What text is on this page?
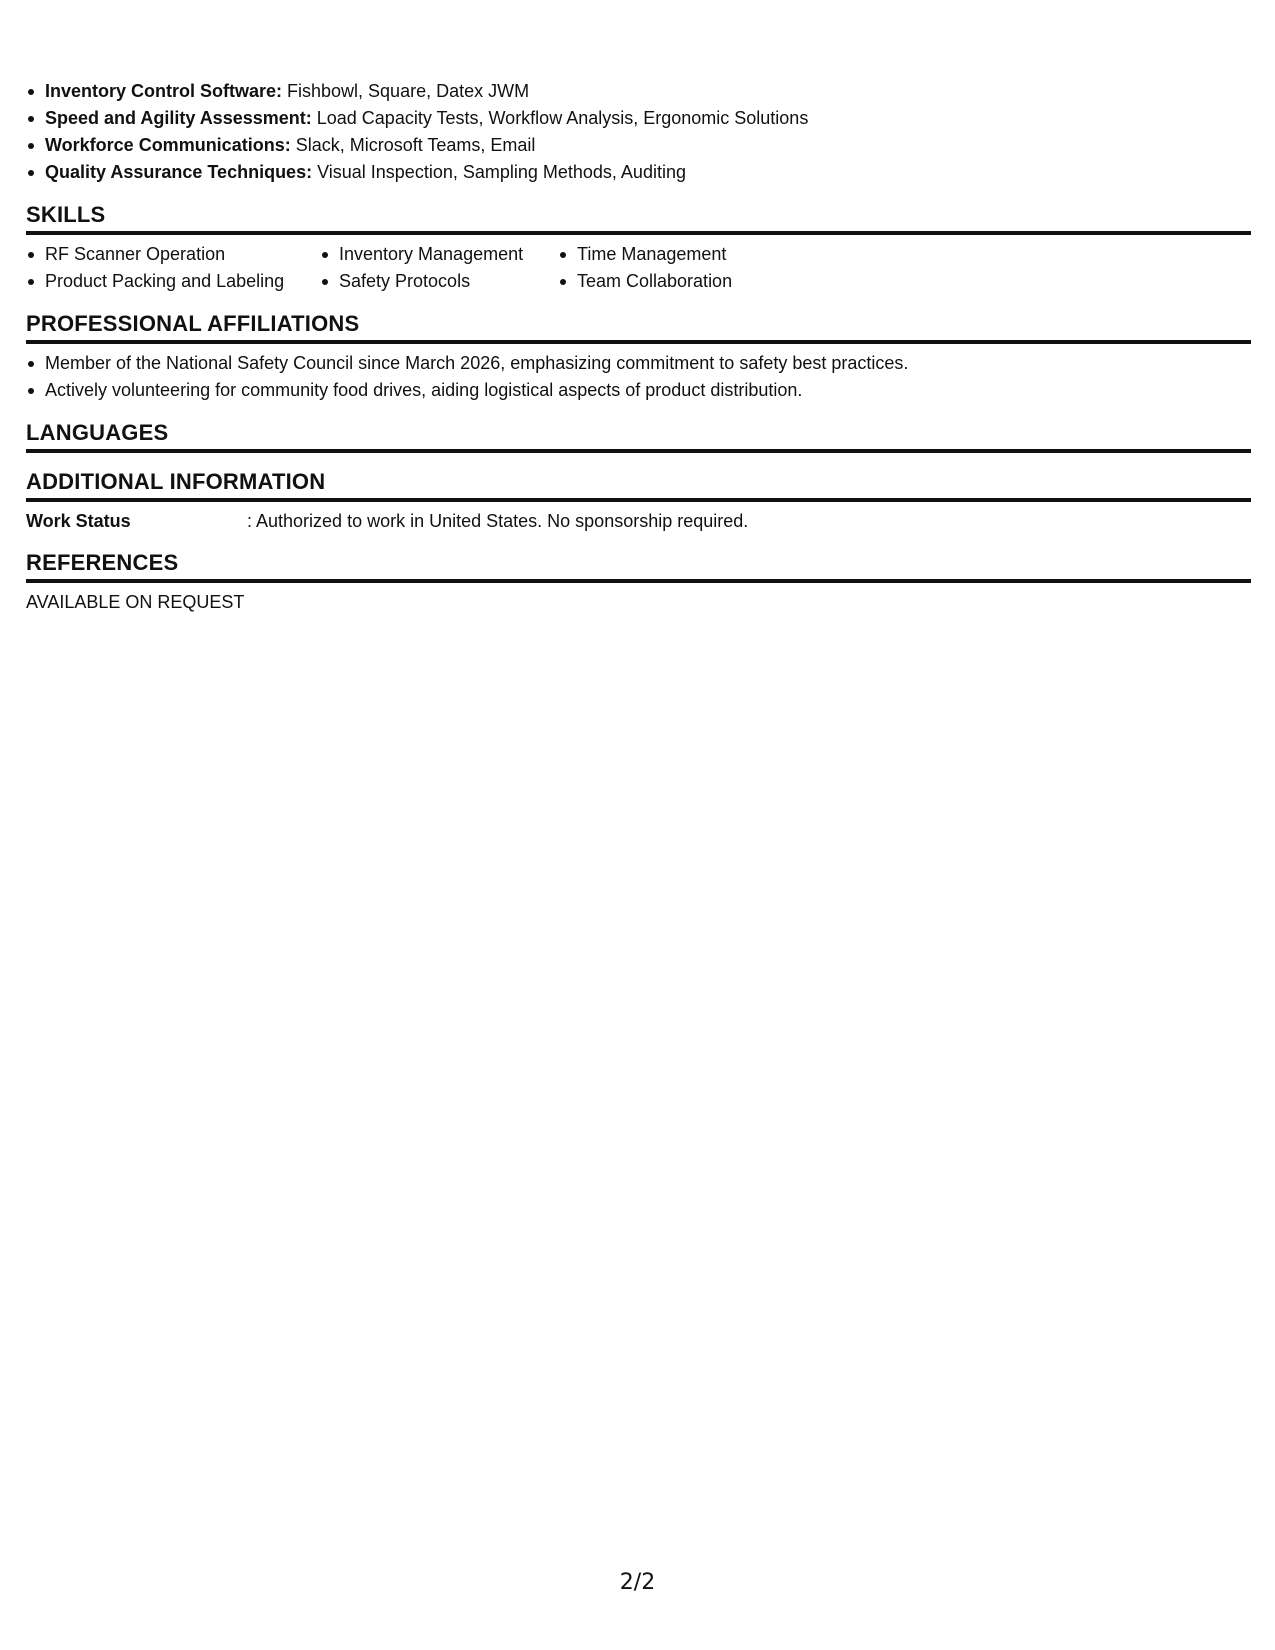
Inventory Control Software: Fishbowl, Square, Datex JWM
Speed and Agility Assessment: Load Capacity Tests, Workflow Analysis, Ergonomic Solutions
Workforce Communications: Slack, Microsoft Teams, Email
Quality Assurance Techniques: Visual Inspection, Sampling Methods, Auditing
SKILLS
RF Scanner Operation
Product Packing and Labeling
Inventory Management
Safety Protocols
Time Management
Team Collaboration
PROFESSIONAL AFFILIATIONS
Member of the National Safety Council since March 2026, emphasizing commitment to safety best practices.
Actively volunteering for community food drives, aiding logistical aspects of product distribution.
LANGUAGES
ADDITIONAL INFORMATION
Work Status	: Authorized to work in United States. No sponsorship required.
REFERENCES
AVAILABLE ON REQUEST
2/2
